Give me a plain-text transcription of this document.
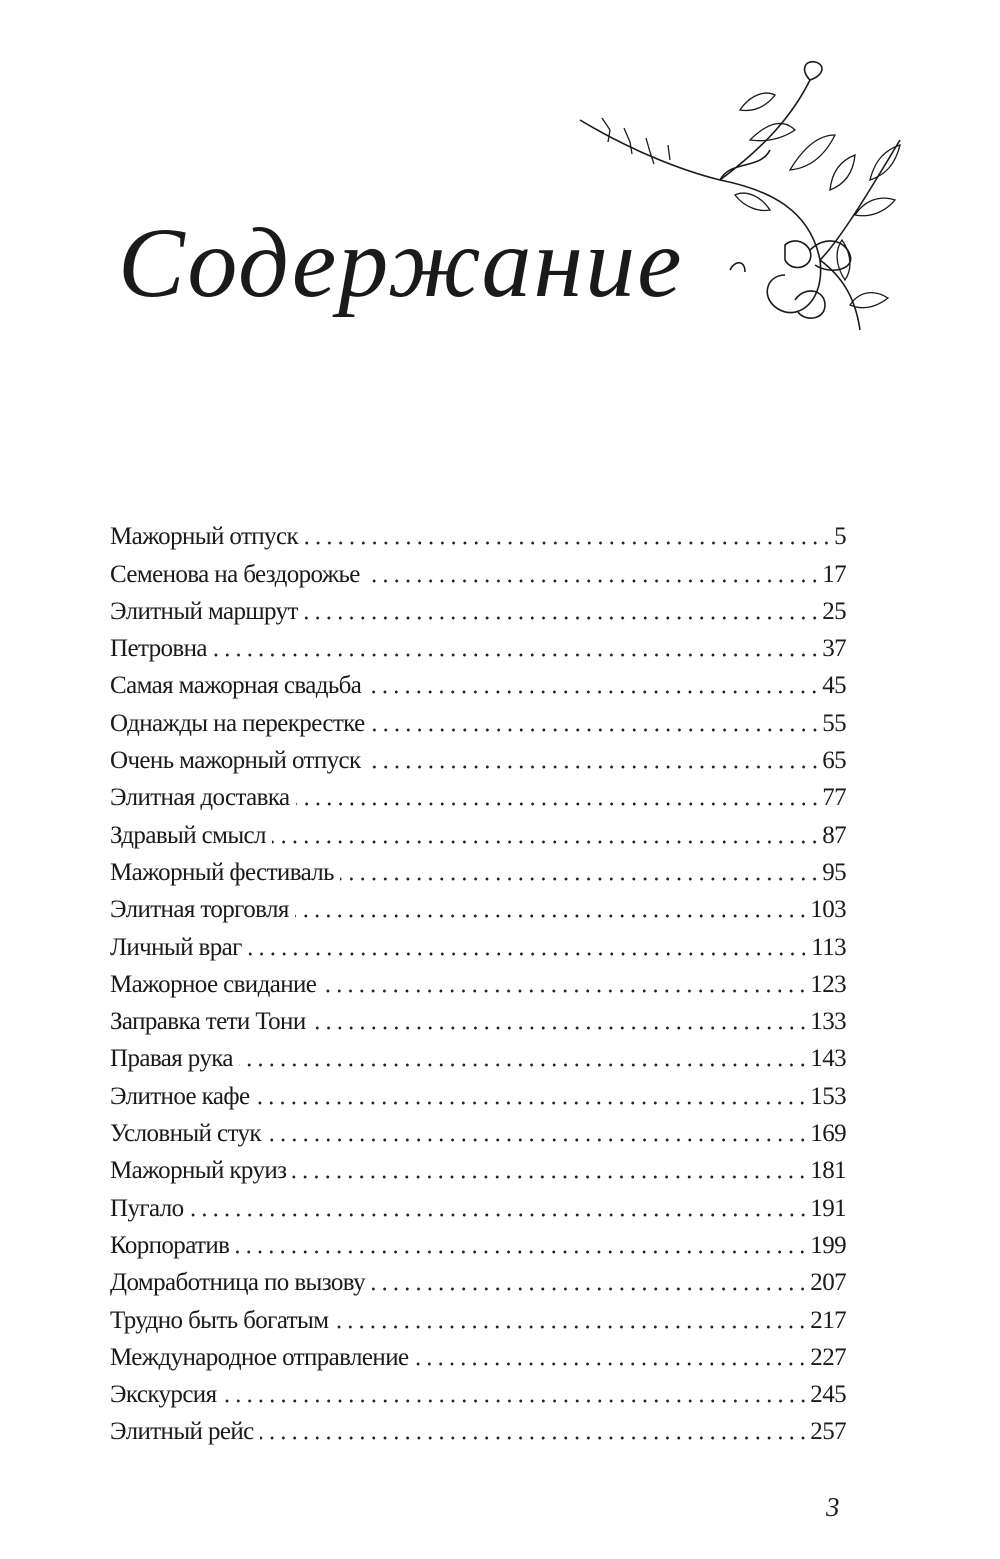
Содержание
Мажорный отпуск	5
Семенова на бездорожье	17
Элитный маршрут	25
Петровна	37
Самая мажорная свадьба	45
Однажды на перекрестке	55
Очень мажорный отпуск	65
Элитная доставка	77
Здравый смысл	87
Мажорный фестиваль	95
Элитная торговля	103
Личный враг	113
Мажорное свидание	123
Заправка тети Тони	133
Правая рука	143
Элитное кафе	153
Условный стук	169
Мажорный круиз	181
Пугало	191
Корпоратив	199
Домработница по вызову	207
Трудно быть богатым	217
Международное отправление	227
Экскурсия	245
Элитный рейс	257
3
